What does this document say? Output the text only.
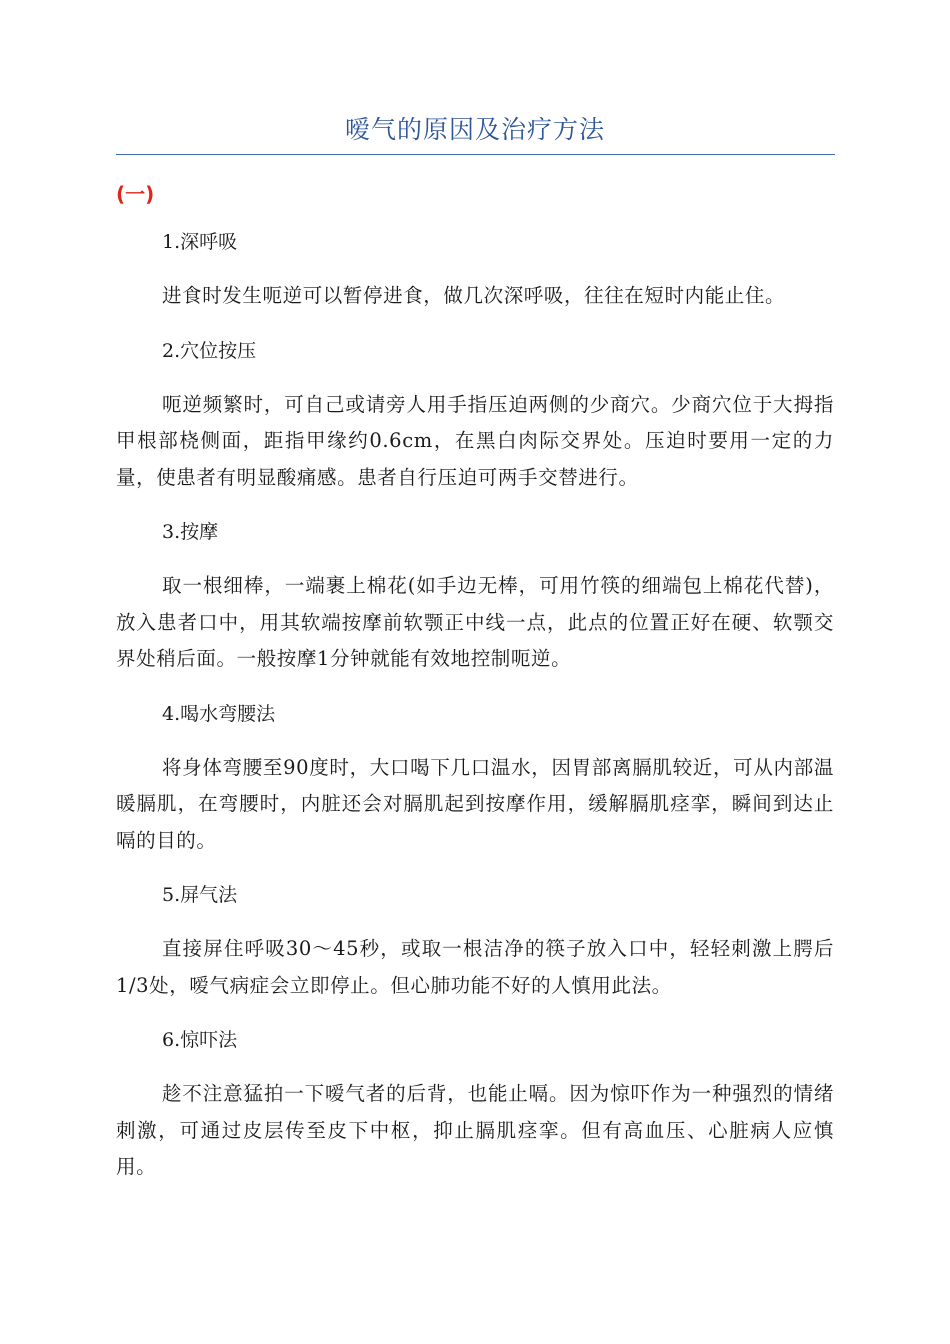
嗳气的原因及治疗方法
(一)
1.深呼吸
进食时发生呃逆可以暂停进食，做几次深呼吸，往往在短时内能止住。
2.穴位按压
呃逆频繁时，可自己或请旁人用手指压迫两侧的少商穴。少商穴位于大拇指甲根部桡侧面，距指甲缘约0.6cm，在黑白肉际交界处。压迫时要用一定的力量，使患者有明显酸痛感。患者自行压迫可两手交替进行。
3.按摩
取一根细棒，一端裹上棉花(如手边无棒，可用竹筷的细端包上棉花代替)，放入患者口中，用其软端按摩前软颚正中线一点，此点的位置正好在硬、软颚交界处稍后面。一般按摩1分钟就能有效地控制呃逆。
4.喝水弯腰法
将身体弯腰至90度时，大口喝下几口温水，因胃部离膈肌较近，可从内部温暖膈肌，在弯腰时，内脏还会对膈肌起到按摩作用，缓解膈肌痉挛，瞬间到达止嗝的目的。
5.屏气法
直接屏住呼吸30～45秒，或取一根洁净的筷子放入口中，轻轻刺激上腭后1/3处，嗳气病症会立即停止。但心肺功能不好的人慎用此法。
6.惊吓法
趁不注意猛拍一下嗳气者的后背，也能止嗝。因为惊吓作为一种强烈的情绪刺激，可通过皮层传至皮下中枢，抑止膈肌痉挛。但有高血压、心脏病人应慎用。
